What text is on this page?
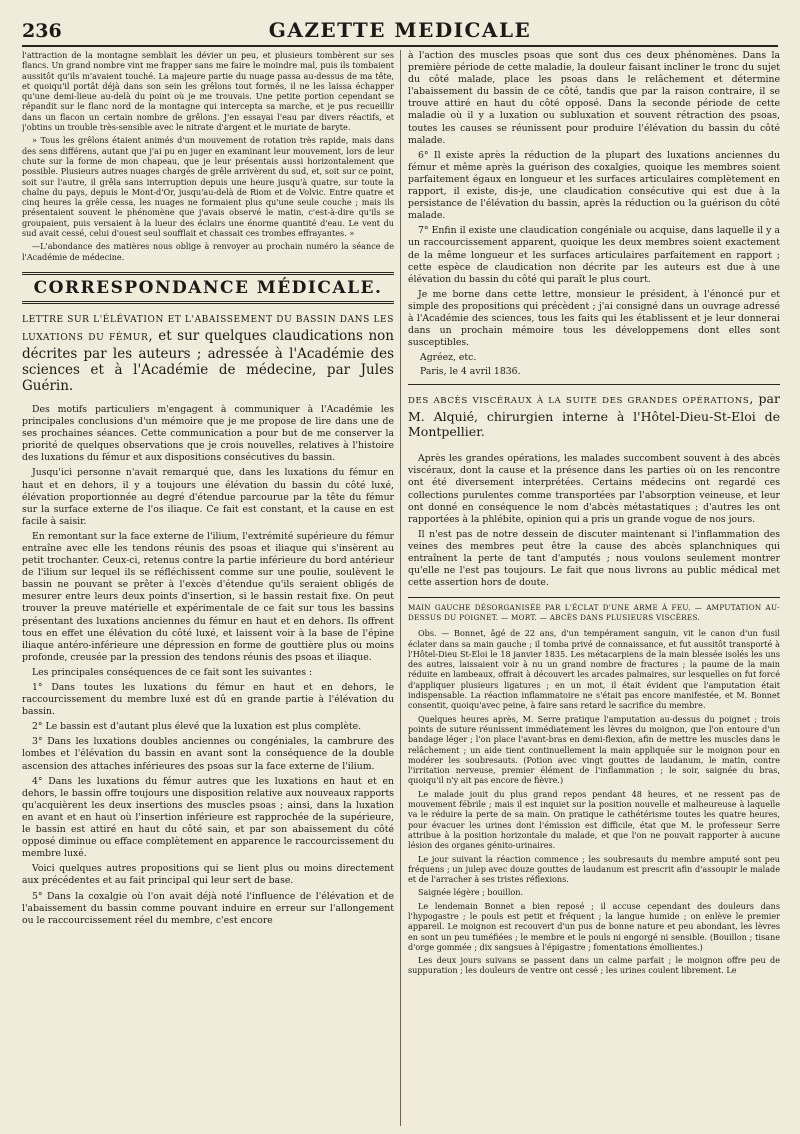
GAZETTE MEDICALE
236

l'attraction de la montagne semblait les dévier un peu, et plusieurs tombèrent sur ses flancs. Un grand nombre vint me frapper sans me faire le moindre mal, puis ils tombaient aussitôt qu'ils m'avaient touché. La majeure partie du nuage passa au-dessus de ma tête, et quoiqu'il portât déjà dans son sein les grêlons tout formés, il ne les laissa échapper qu'une demi-lieue au-delà du point où je me trouvais. Une petite portion cependant se répandit sur le flanc nord de la montagne qui intercepta sa marche, et je pus recueillir dans un flacon un certain nombre de grêlons. J'en essayai l'eau par divers réactifs, et j'obtins un trouble très-sensible avec le nitrate d'argent et le muriate de baryte.

» Tous les grêlons étaient animés d'un mouvement de rotation très rapide, mais dans des sens différens, autant que j'ai pu en juger en examinant leur mouvement, lors de leur chute sur la forme de mon chapeau, que je leur présentais aussi horizontalement que possible. Plusieurs autres nuages chargés de grêle arrivèrent du sud, et, soit sur ce point, soit sur l'autre, il grêla sans interruption depuis une heure jusqu'à quatre, sur toute la chaîne du pays, depuis le Mont-d'Or, jusqu'au-delà de Riom et de Volvic. Entre quatre et cinq heures la grêle cessa, les nuages ne formaient plus qu'une seule couche ; mais ils présentaient souvent le phénomène que j'avais observé le matin, c'est-à-dire qu'ils se groupaient, puis versaient à la lueur des éclairs une énorme quantité d'eau. Le vent du sud avait cessé, celui d'ouest seul soufflait et chassait ces trombes effrayantes. »

—L'abondance des matières nous oblige à renvoyer au prochain numéro la séance de l'Académie de médecine.

CORRESPONDANCE MÉDICALE.
LETTRE SUR L'ÉLÉVATION ET L'ABAISSEMENT DU BASSIN DANS LES LUXATIONS DU FÉMUR, et sur quelques claudications non décrites par les auteurs ; adressée à l'Académie des sciences et à l'Académie de médecine, par Jules Guérin.

Des motifs particuliers m'engagent à communiquer à l'Académie les principales conclusions d'un mémoire que je me propose de lire dans une de ses prochaines séances. Cette communication a pour but de me conserver la priorité de quelques observations que je crois nouvelles, relatives à l'histoire des luxations du fémur et aux dispositions consécutives du bassin.

Jusqu'ici personne n'avait remarqué que, dans les luxations du fémur en haut et en dehors, il y a toujours une élévation du bassin du côté luxé, élévation proportionnée au degré d'étendue parcourue par la tête du fémur sur la surface externe de l'os iliaque. Ce fait est constant, et la cause en est facile à saisir.

En remontant sur la face externe de l'ilium, l'extrémité supérieure du fémur entraîne avec elle les tendons réunis des psoas et iliaque qui s'insèrent au petit trochanter. Ceux-ci, retenus contre la partie inférieure du bord antérieur de l'ilium sur lequel ils se réfléchissent comme sur une poulie, soulèvent le bassin ne pouvant se prêter à l'excès d'étendue qu'ils seraient obligés de mesurer entre leurs deux points d'insertion, si le bassin restait fixe. On peut trouver la preuve matérielle et expérimentale de ce fait sur tous les bassins présentant des luxations anciennes du fémur en haut et en dehors. Ils offrent tous en effet une élévation du côté luxé, et laissent voir à la base de l'épine iliaque antéro-inférieure une dépression en forme de gouttière plus ou moins profonde, creusée par la pression des tendons réunis des psoas et iliaque.

Les principales conséquences de ce fait sont les suivantes :

1° Dans toutes les luxations du fémur en haut et en dehors, le raccourcissement du membre luxé est dû en grande partie à l'élévation du bassin.

2° Le bassin est d'autant plus élevé que la luxation est plus complète.

3° Dans les luxations doubles anciennes ou congéniales, la cambrure des lombes et l'élévation du bassin en avant sont la conséquence de la double ascension des attaches inférieures des psoas sur la face externe de l'ilium.

4° Dans les luxations du fémur autres que les luxations en haut et en dehors, le bassin offre toujours une disposition relative aux nouveaux rapports qu'acquièrent les deux insertions des muscles psoas ; ainsi, dans la luxation en avant et en haut où l'insertion inférieure est rapprochée de la supérieure, le bassin est attiré en haut du côté sain, et par son abaissement du côté opposé diminue ou efface complètement en apparence le raccourcissement du membre luxé.

Voici quelques autres propositions qui se lient plus ou moins directement aux précédentes et au fait principal qui leur sert de base.

5° Dans la coxalgie où l'on avait déjà noté l'influence de l'élévation et de l'abaissement du bassin comme pouvant induire en erreur sur l'allongement ou le raccourcissement réel du membre, c'est encore

à l'action des muscles psoas que sont dus ces deux phénomènes. Dans la première période de cette maladie, la douleur faisant incliner le tronc du sujet du côté malade, place les psoas dans le relâchement et détermine l'abaissement du bassin de ce côté, tandis que par la raison contraire, il se trouve attiré en haut du côté opposé. Dans la seconde période de cette maladie où il y a luxation ou subluxation et souvent rétraction des psoas, toutes les causes se réunissent pour produire l'élévation du bassin du côté malade.

6° Il existe après la réduction de la plupart des luxations anciennes du fémur et même après la guérison des coxalgies, quoique les membres soient parfaitement égaux en longueur et les surfaces articulaires complètement en rapport, il existe, dis-je, une claudication consécutive qui est due à la persistance de l'élévation du bassin, après la réduction ou la guérison du côté malade.

7° Enfin il existe une claudication congéniale ou acquise, dans laquelle il y a un raccourcissement apparent, quoique les deux membres soient exactement de la même longueur et les surfaces articulaires parfaitement en rapport ; cette espèce de claudication non décrite par les auteurs est due à une élévation du bassin du côté qui paraît le plus court.

Je me borne dans cette lettre, monsieur le président, à l'énoncé pur et simple des propositions qui précèdent ; j'ai consigné dans un ouvrage adressé à l'Académie des sciences, tous les faits qui les établissent et je leur donnerai dans un prochain mémoire tous les développemens dont elles sont susceptibles.

Agréez, etc.
Paris, le 4 avril 1836.
DES ABCÈS VISCÉRAUX À LA SUITE DES GRANDES OPÉRATIONS, par M. Alquié, chirurgien interne à l'Hôtel-Dieu-St-Eloi de Montpellier.

Après les grandes opérations, les malades succombent souvent à des abcès viscéraux, dont la cause et la présence dans les parties où on les rencontre ont été diversement interprétées. Certains médecins ont regardé ces collections purulentes comme transportées par l'absorption veineuse, et leur ont donné en conséquence le nom d'abcès métastatiques ; d'autres les ont rapportées à la phlébite, opinion qui a pris un grande vogue de nos jours.

Il n'est pas de notre dessein de discuter maintenant si l'inflammation des veines des membres peut être la cause des abcès splanchniques qui entraînent la perte de tant d'amputés ; nous voulons seulement montrer qu'elle ne l'est pas toujours. Le fait que nous livrons au public médical met cette assertion hors de doute.

MAIN GAUCHE DÉSORGANISÉE PAR L'ÉCLAT D'UNE ARME À FEU. — AMPUTATION AU-DESSUS DU POIGNET. — MORT. — ABCÈS DANS PLUSIEURS VISCÈRES.

Obs. — Bonnet, âgé de 22 ans, d'un tempérament sanguin, vit le canon d'un fusil éclater dans sa main gauche ; il tomba privé de connaissance, et fut aussitôt transporté à l'Hôtel-Dieu St-Eloi le 18 janvier 1835. Les métacarpiens de la main blessée isolés les uns des autres, laissaient voir à nu un grand nombre de fractures ; la paume de la main réduite en lambeaux, offrait à découvert les arcades palmaires, sur lesquelles on fut forcé d'appliquer plusieurs ligatures ; en un mot, il était évident que l'amputation était indispensable. La réaction inflammatoire ne s'était pas encore manifestée, et M. Bonnet consentit, quoiqu'avec peine, à faire sans retard le sacrifice du membre.

Quelques heures après, M. Serre pratique l'amputation au-dessus du poignet ; trois points de suture réunissent immédiatement les lèvres du moignon, que l'on entoure d'un bandage léger ; l'on place l'avant-bras en demi-flexion, afin de mettre les muscles dans le relâchement ; un aide tient continuellement la main appliquée sur le moignon pour en modérer les soubresauts. (Potion avec vingt gouttes de laudanum, le matin, contre l'irritation nerveuse, premier élément de l'inflammation ; le soir, saignée du bras, quoiqu'il n'y ait pas encore de fièvre.)

Le malade jouit du plus grand repos pendant 48 heures, et ne ressent pas de mouvement fébrile ; mais il est inquiet sur la position nouvelle et malheureuse à laquelle va le réduire la perte de sa main. On pratique le cathétérisme toutes les quatre heures, pour évacuer les urines dont l'émission est difficile, état que M. le professeur Serre attribue à la position horizontale du malade, et que l'on ne pouvait rapporter à aucune lésion des organes génito-urinaires.

Le jour suivant la réaction commence ; les soubresauts du membre amputé sont peu fréquens ; un julep avec douze gouttes de laudanum est prescrit afin d'assoupir le malade et de l'arracher à ses tristes réflexions.

Saignée légère ; bouillon.

Le lendemain Bonnet a bien reposé ; il accuse cependant des douleurs dans l'hypogastre ; le pouls est petit et fréquent ; la langue humide ; on enlève le premier appareil. Le moignon est recouvert d'un pus de bonne nature et peu abondant, les lèvres en sont un peu tuméfiées ; le membre et le pouls ni engorgé ni sensible. (Bouillon ; tisane d'orge gommée ; dix sangsues à l'épigastre ; fomentations émollientes.)

Les deux jours suivans se passent dans un calme parfait ; le moignon offre peu de suppuration ; les douleurs de ventre ont cessé ; les urines coulent librement. Le
